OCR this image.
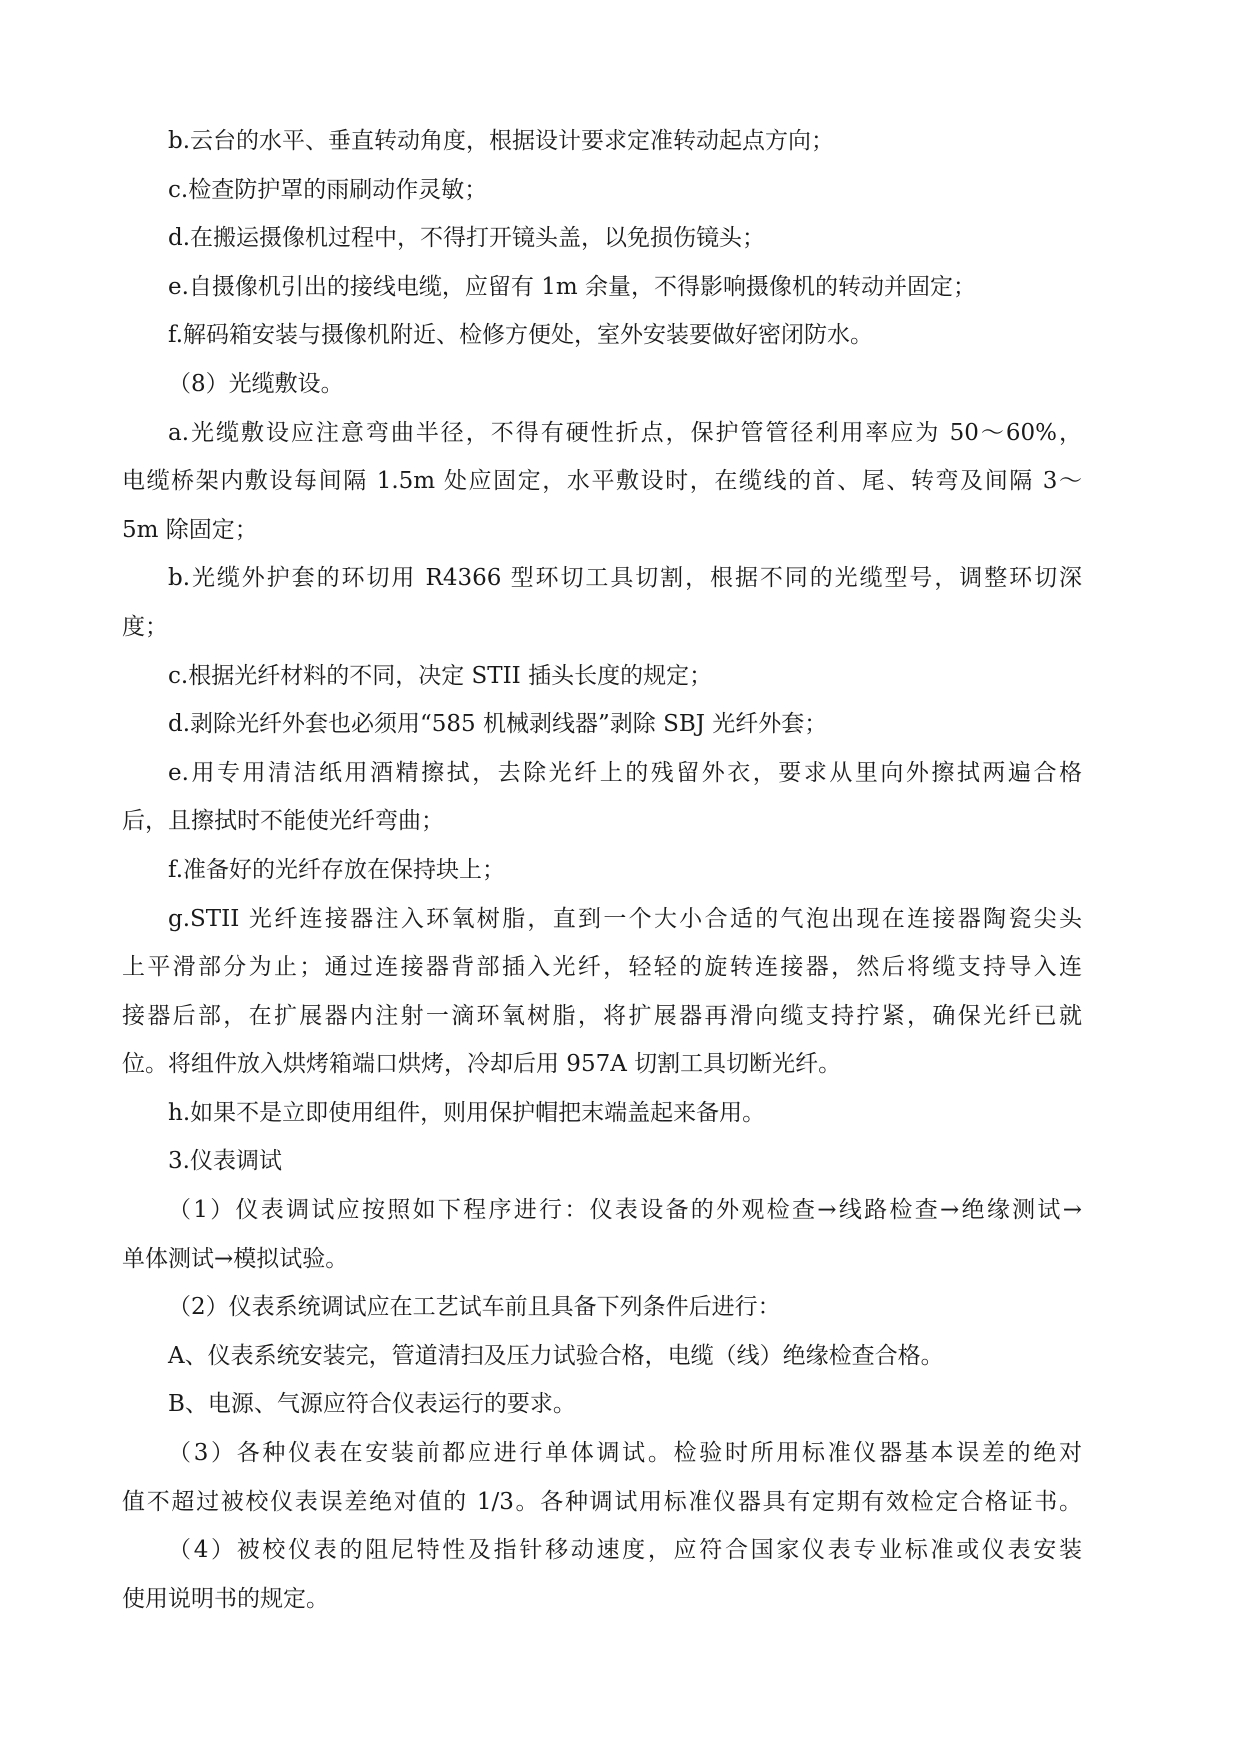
b.云台的水平、垂直转动角度，根据设计要求定准转动起点方向；

c.检查防护罩的雨刷动作灵敏；

d.在搬运摄像机过程中，不得打开镜头盖，以免损伤镜头；

e.自摄像机引出的接线电缆，应留有 1m 余量，不得影响摄像机的转动并固定；

f.解码箱安装与摄像机附近、检修方便处，室外安装要做好密闭防水。

（8）光缆敷设。

a.光缆敷设应注意弯曲半径，不得有硬性折点，保护管管径利用率应为 50～60%，

电缆桥架内敷设每间隔 1.5m 处应固定，水平敷设时，在缆线的首、尾、转弯及间隔 3～

5m 除固定；

b.光缆外护套的环切用 R4366 型环切工具切割，根据不同的光缆型号，调整环切深

度；

c.根据光纤材料的不同，决定 STII 插头长度的规定；

d.剥除光纤外套也必须用“585 机械剥线器”剥除 SBJ 光纤外套；

e.用专用清洁纸用酒精擦拭，去除光纤上的残留外衣，要求从里向外擦拭两遍合格

后，且擦拭时不能使光纤弯曲；

f.准备好的光纤存放在保持块上；

g.STII 光纤连接器注入环氧树脂，直到一个大小合适的气泡出现在连接器陶瓷尖头

上平滑部分为止；通过连接器背部插入光纤，轻轻的旋转连接器，然后将缆支持导入连

接器后部，在扩展器内注射一滴环氧树脂，将扩展器再滑向缆支持拧紧，确保光纤已就

位。将组件放入烘烤箱端口烘烤，冷却后用 957A 切割工具切断光纤。

h.如果不是立即使用组件，则用保护帽把末端盖起来备用。

3.仪表调试

（1）仪表调试应按照如下程序进行：仪表设备的外观检查→线路检查→绝缘测试→

单体测试→模拟试验。

（2）仪表系统调试应在工艺试车前且具备下列条件后进行：

A、仪表系统安装完，管道清扫及压力试验合格，电缆（线）绝缘检查合格。

B、电源、气源应符合仪表运行的要求。

（3）各种仪表在安装前都应进行单体调试。检验时所用标准仪器基本误差的绝对

值不超过被校仪表误差绝对值的 1/3。各种调试用标准仪器具有定期有效检定合格证书。

（4）被校仪表的阻尼特性及指针移动速度，应符合国家仪表专业标准或仪表安装

使用说明书的规定。
